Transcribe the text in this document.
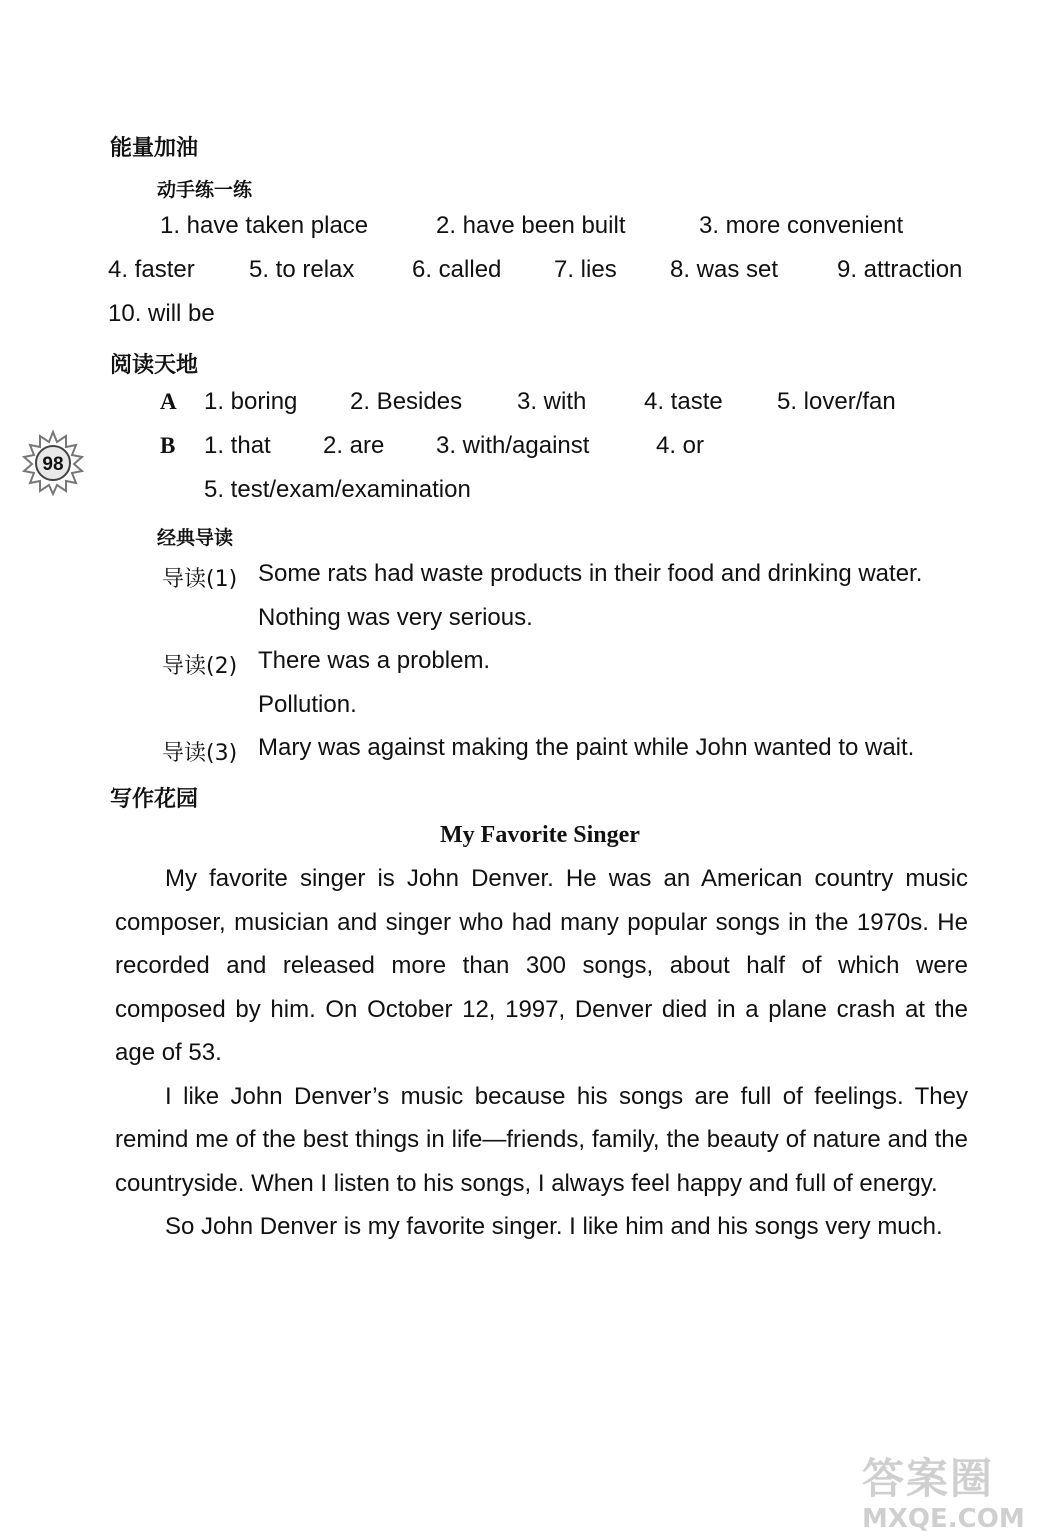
98
能量加油
动手练一练
1. have taken place	2. have been built	3. more convenient
4. faster 5. to relax 6. called 7. lies 8. was set 9. attraction
10. will be
阅读天地
A 1. boring 2. Besides 3. with 4. taste 5. lover/fan
B 1. that 2. are 3. with/against	4. or
5. test/exam/examination
经典导读
导读(1) Some rats had waste products in their food and drinking water.
Nothing was very serious.
导读(2) There was a problem.
Pollution.
导读(3) Mary was against making the paint while John wanted to wait.
写作花园
My Favorite Singer

My favorite singer is John Denver. He was an American country music composer, musician and singer who had many popular songs in the 1970s. He recorded and released more than 300 songs, about half of which were composed by him. On October 12, 1997, Denver died in a plane crash at the age of 53.

I like John Denver’s music because his songs are full of feelings. They remind me of the best things in life—friends, family, the beauty of nature and the countryside. When I listen to his songs, I always feel happy and full of energy.

So John Denver is my favorite singer. I like him and his songs very much.

答案圈
MXQE.COM
